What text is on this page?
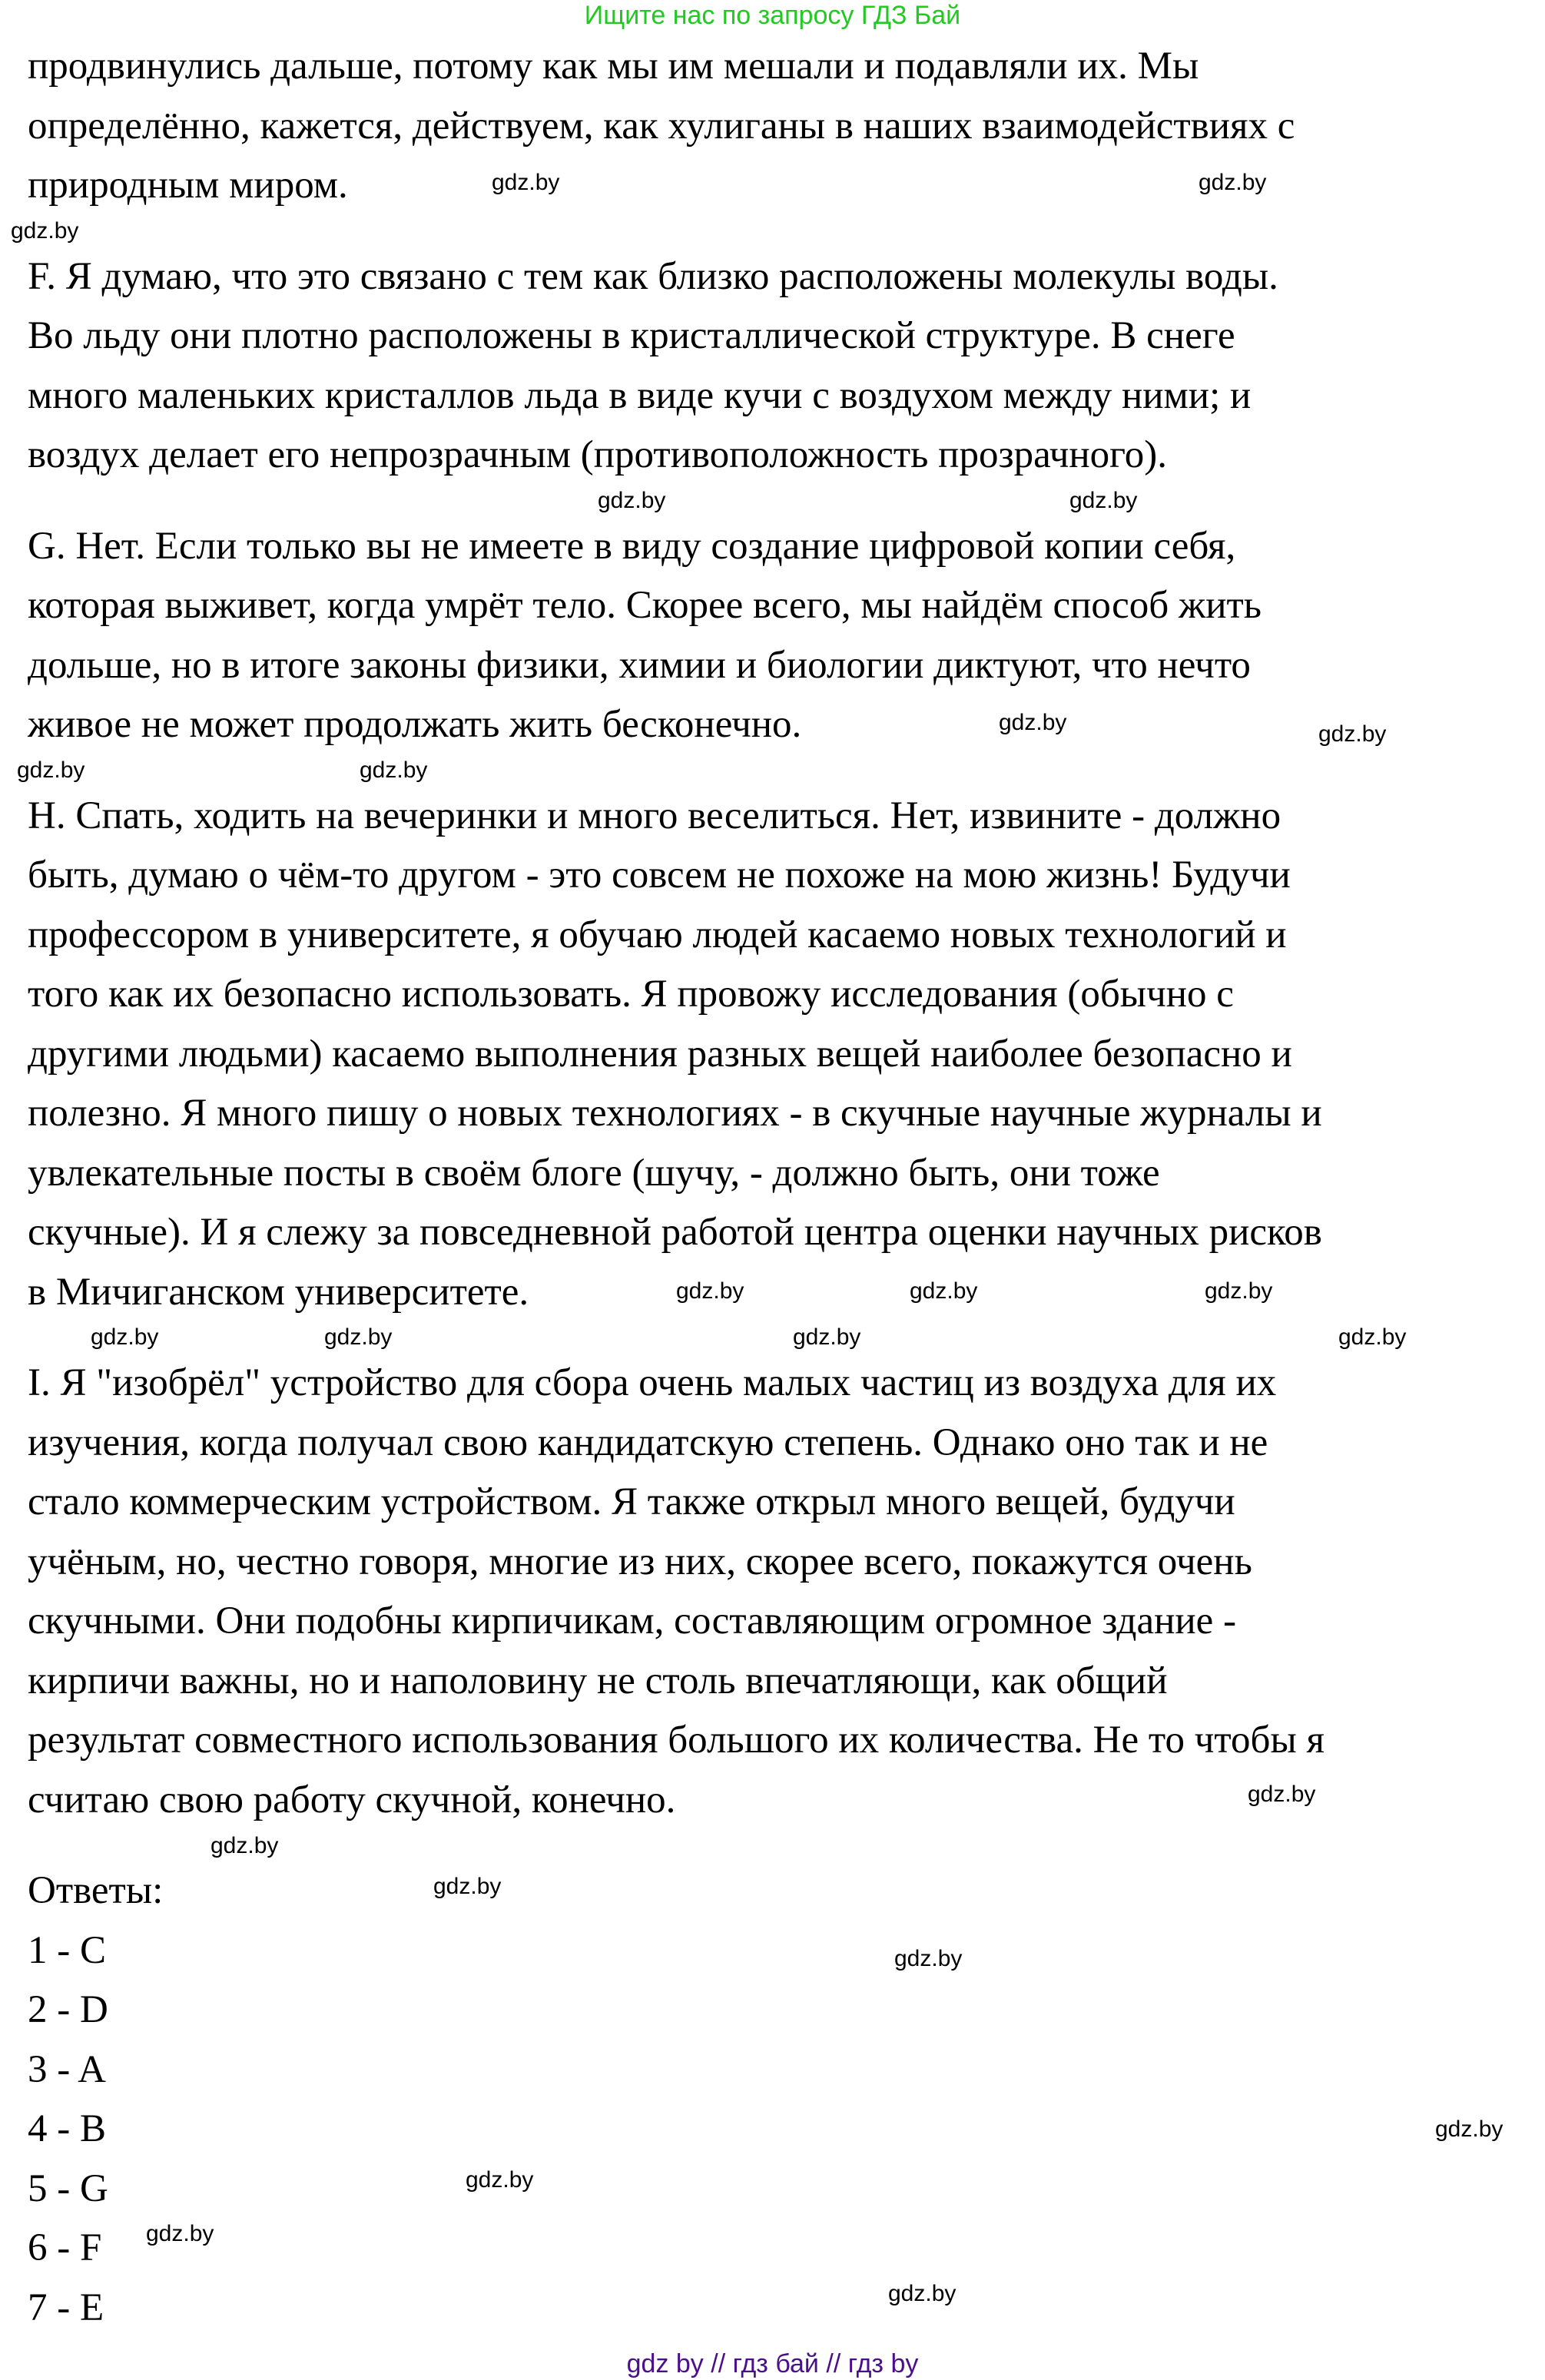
Ищите нас по запросу ГДЗ Бай
продвинулись дальше, потому как мы им мешали и подавляли их. Мы
определённо, кажется, действуем, как хулиганы в наших взаимодействиях с
природным миром.
F. Я думаю, что это связано с тем как близко расположены молекулы воды.
Во льду они плотно расположены в кристаллической структуре. В снеге
много маленьких кристаллов льда в виде кучи с воздухом между ними; и
воздух делает его непрозрачным (противоположность прозрачного).
G. Нет. Если только вы не имеете в виду создание цифровой копии себя,
которая выживет, когда умрёт тело. Скорее всего, мы найдём способ жить
дольше, но в итоге законы физики, химии и биологии диктуют, что нечто
живое не может продолжать жить бесконечно.
H. Спать, ходить на вечеринки и много веселиться. Нет, извините - должно
быть, думаю о чём-то другом - это совсем не похоже на мою жизнь! Будучи
профессором в университете, я обучаю людей касаемо новых технологий и
того как их безопасно использовать. Я провожу исследования (обычно с
другими людьми) касаемо выполнения разных вещей наиболее безопасно и
полезно. Я много пишу о новых технологиях - в скучные научные журналы и
увлекательные посты в своём блоге (шучу, - должно быть, они тоже
скучные). И я слежу за повседневной работой центра оценки научных рисков
в Мичиганском университете.
I. Я "изобрёл" устройство для сбора очень малых частиц из воздуха для их
изучения, когда получал свою кандидатскую степень. Однако оно так и не
стало коммерческим устройством. Я также открыл много вещей, будучи
учёным, но, честно говоря, многие из них, скорее всего, покажутся очень
скучными. Они подобны кирпичикам, составляющим огромное здание -
кирпичи важны, но и наполовину не столь впечатляющи, как общий
результат совместного использования большого их количества. Не то чтобы я
считаю свою работу скучной, конечно.
Ответы:
1 - C
2 - D
3 - A
4 - B
5 - G
6 - F
7 - E
gdz.by
gdz.by
gdz.by
gdz.by
gdz.by
gdz.by	gdz.by
gdz.by	gdz.by
gdz.by	gdz.by
gdz.by
gdz.by
gdz.by
gdz.by
gdz.by
gdz.by
gdz.by
gdz.by
gdz.by
gdz.by
gdz.by
gdz.by
gdz.by
gdz by // гдз бай // гдз by
